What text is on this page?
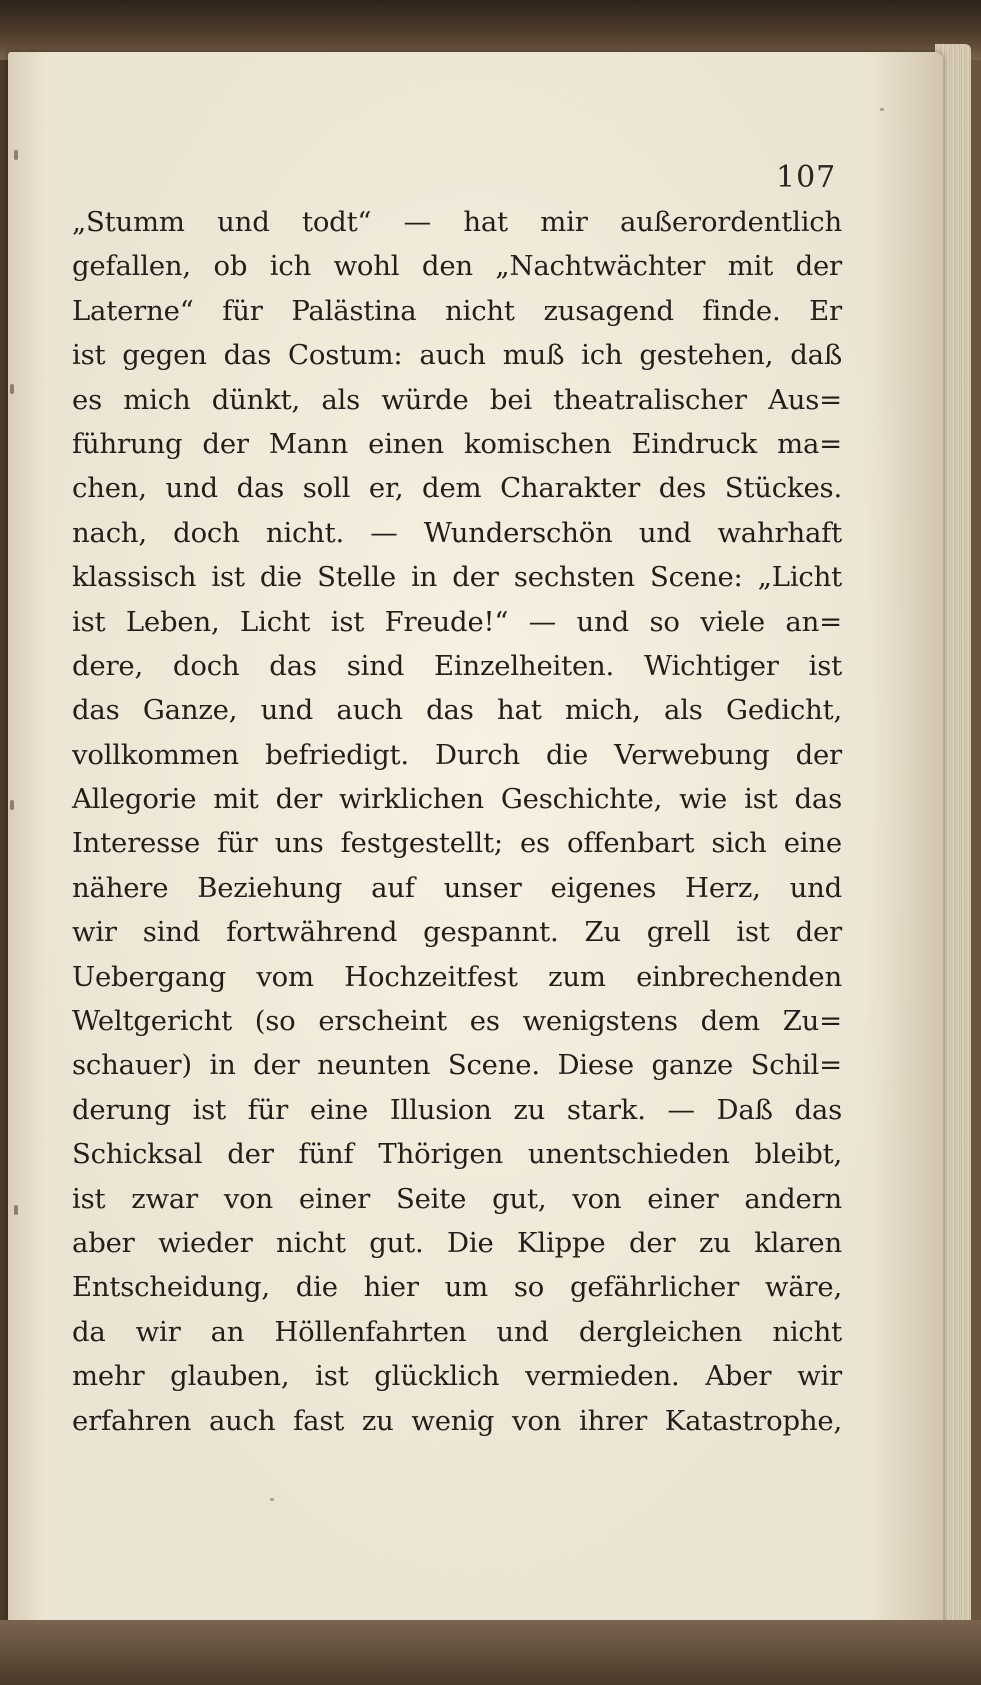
107
„Stumm und todt“ — hat mir außerordentlich
gefallen, ob ich wohl den „Nachtwächter mit der
Laterne“ für Palästina nicht zusagend finde. Er
ist gegen das Costum: auch muß ich gestehen, daß
es mich dünkt, als würde bei theatralischer Aus=
führung der Mann einen komischen Eindruck ma=
chen, und das soll er, dem Charakter des Stückes.
nach, doch nicht. — Wunderschön und wahrhaft
klassisch ist die Stelle in der sechsten Scene: „Licht
ist Leben, Licht ist Freude!“ — und so viele an=
dere, doch das sind Einzelheiten. Wichtiger ist
das Ganze, und auch das hat mich, als Gedicht,
vollkommen befriedigt. Durch die Verwebung der
Allegorie mit der wirklichen Geschichte, wie ist das
Interesse für uns festgestellt; es offenbart sich eine
nähere Beziehung auf unser eigenes Herz, und
wir sind fortwährend gespannt. Zu grell ist der
Uebergang vom Hochzeitfest zum einbrechenden
Weltgericht (so erscheint es wenigstens dem Zu=
schauer) in der neunten Scene. Diese ganze Schil=
derung ist für eine Illusion zu stark. — Daß das
Schicksal der fünf Thörigen unentschieden bleibt,
ist zwar von einer Seite gut, von einer andern
aber wieder nicht gut. Die Klippe der zu klaren
Entscheidung, die hier um so gefährlicher wäre,
da wir an Höllenfahrten und dergleichen nicht
mehr glauben, ist glücklich vermieden. Aber wir
erfahren auch fast zu wenig von ihrer Katastrophe,
